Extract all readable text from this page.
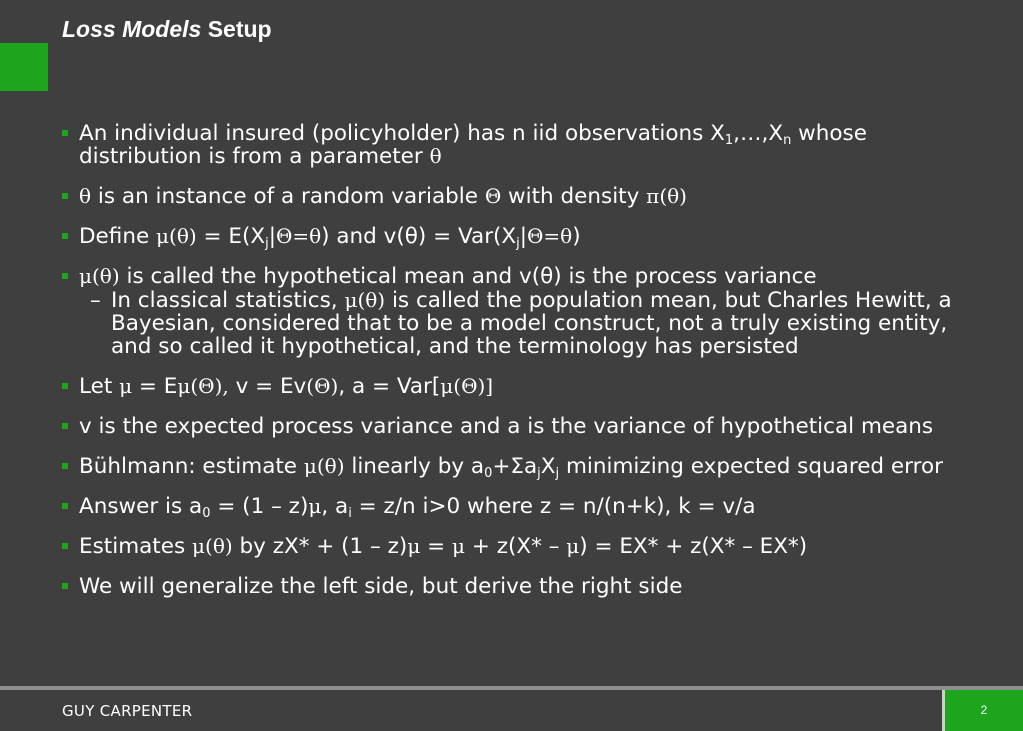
Loss Models Setup
An individual insured (policyholder) has n iid observations $X_1,\dots,X_n$ whose distribution is from a parameter θ
θ is an instance of a random variable Θ with density π(θ)
Define $\mu(\theta) = E(X_j|\Theta=\theta)$ and $v(\theta) = Var(X_j|\Theta=\theta)$
μ(θ) is called the hypothetical mean and v(θ) is the process variance
– In classical statistics, μ(θ) is called the population mean, but Charles Hewitt, a Bayesian, considered that to be a model construct, not a truly existing entity, and so called it hypothetical, and the terminology has persisted
Let μ = Eμ(Θ), v = Ev(Θ), a = Var[μ(Θ)]
v is the expected process variance and a is the variance of hypothetical means
Bühlmann: estimate μ(θ) linearly by $a_0+\Sigma a_jX_j$ minimizing expected squared error
Answer is $a_0 = (1 - z)\mu$, $a_i = z/n$ i>0 where z = n/(n+k), k = v/a
Estimates μ(θ) by zX* + (1 – z)μ = μ + z(X* – μ) = EX* + z(X* – EX*)
We will generalize the left side, but derive the right side
GUY CARPENTER	2
